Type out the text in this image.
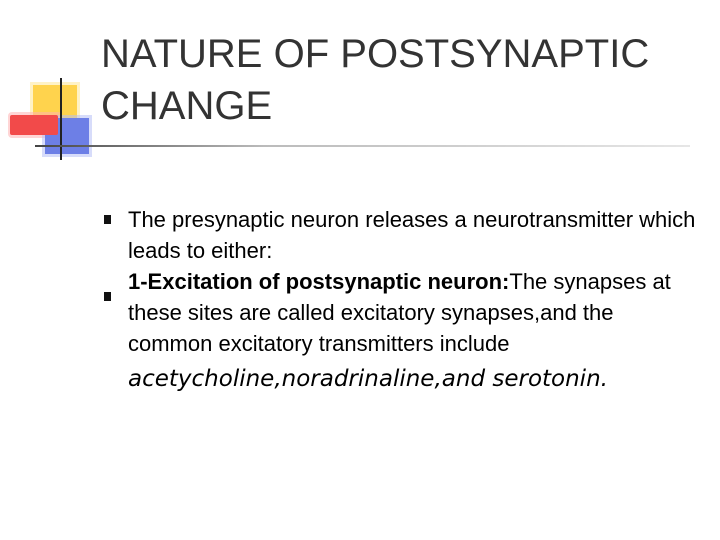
NATURE OF POSTSYNAPTIC
CHANGE

The presynaptic neuron releases a neurotransmitter which leads to either:

1-Excitation of postsynaptic neuron:The synapses at these sites are called excitatory synapses,and the common excitatory transmitters include
acetycholine,noradrinaline,and serotonin.
